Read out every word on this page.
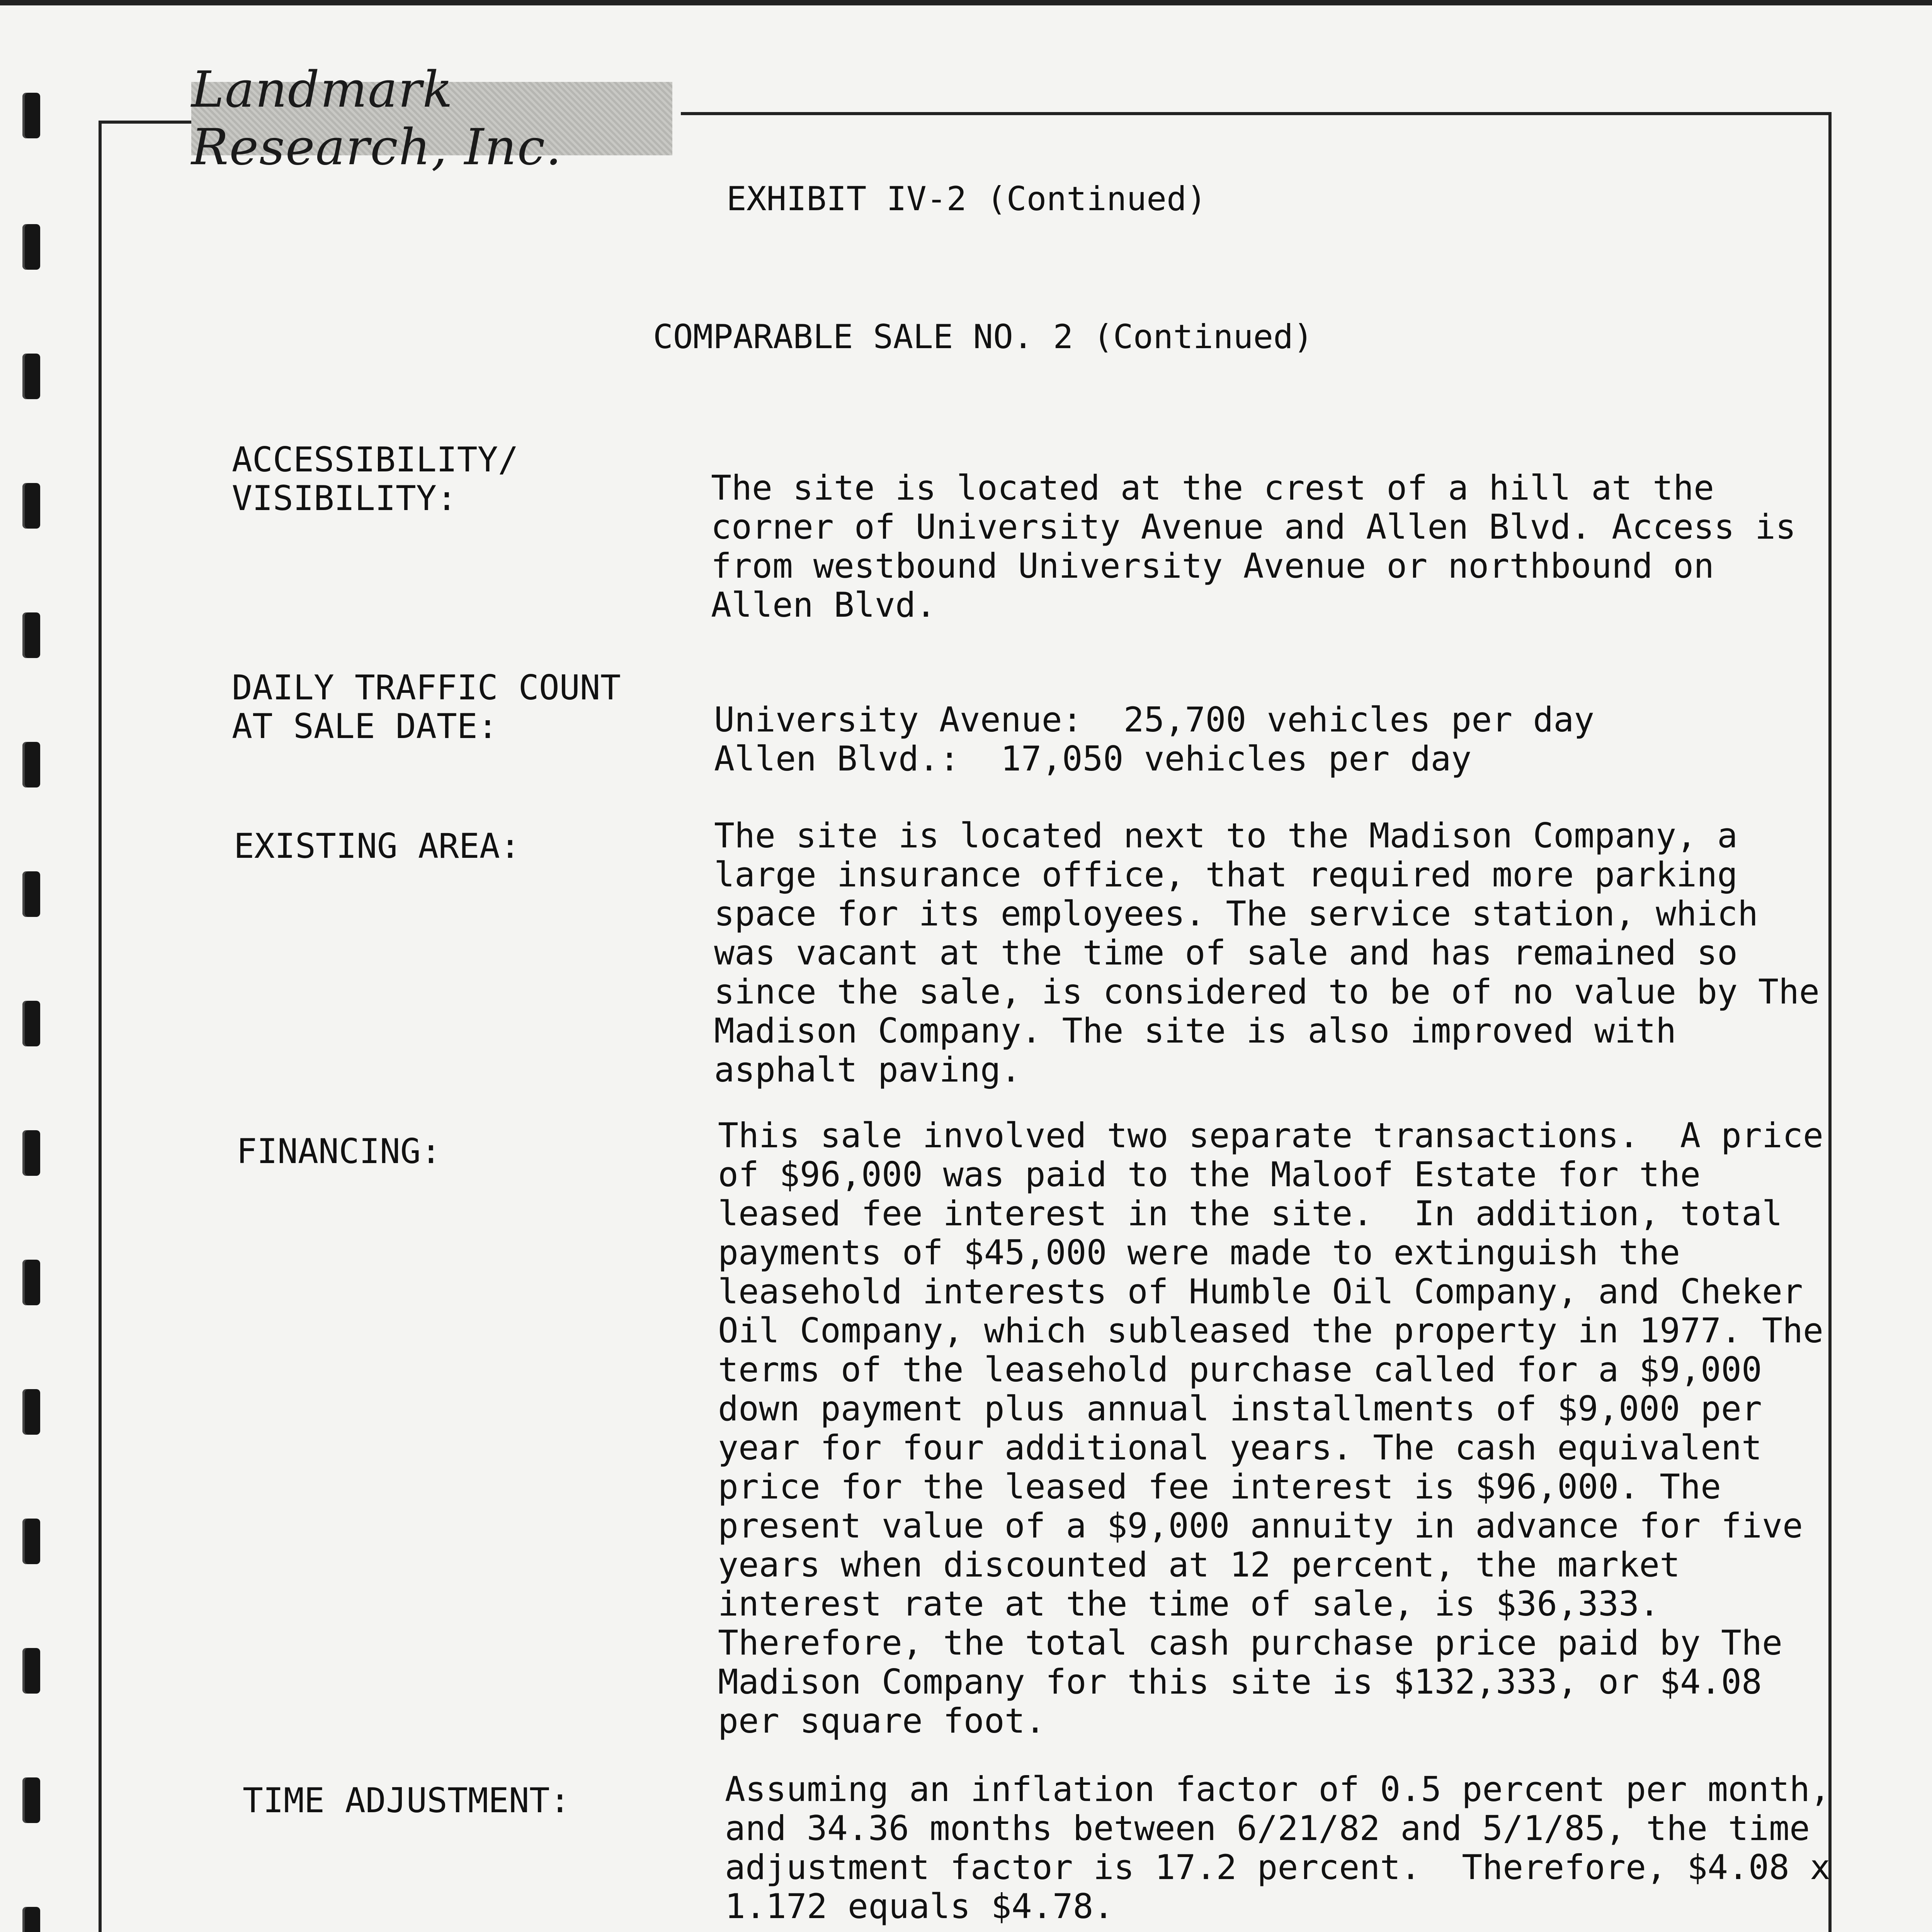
Landmark Research, Inc.
EXHIBIT IV-2 (Continued)
COMPARABLE SALE NO. 2 (Continued)

ACCESSIBILITY/
VISIBILITY:	The site is located at the crest of a hill at the
corner of University Avenue and Allen Blvd. Access is
from westbound University Avenue or northbound on
Allen Blvd.

DAILY TRAFFIC COUNT
AT SALE DATE:	University Avenue:  25,700 vehicles per day
Allen Blvd.:  17,050 vehicles per day

EXISTING AREA:	The site is located next to the Madison Company, a
large insurance office, that required more parking
space for its employees. The service station, which
was vacant at the time of sale and has remained so
since the sale, is considered to be of no value by The
Madison Company. The site is also improved with
asphalt paving.

FINANCING:	This sale involved two separate transactions.  A price
of $96,000 was paid to the Maloof Estate for the
leased fee interest in the site.  In addition, total
payments of $45,000 were made to extinguish the
leasehold interests of Humble Oil Company, and Cheker
Oil Company, which subleased the property in 1977. The
terms of the leasehold purchase called for a $9,000
down payment plus annual installments of $9,000 per
year for four additional years. The cash equivalent
price for the leased fee interest is $96,000. The
present value of a $9,000 annuity in advance for five
years when discounted at 12 percent, the market
interest rate at the time of sale, is $36,333.
Therefore, the total cash purchase price paid by The
Madison Company for this site is $132,333, or $4.08
per square foot.

TIME ADJUSTMENT:	Assuming an inflation factor of 0.5 percent per month,
and 34.36 months between 6/21/82 and 5/1/85, the time
adjustment factor is 17.2 percent.  Therefore, $4.08 x
1.172 equals $4.78.
